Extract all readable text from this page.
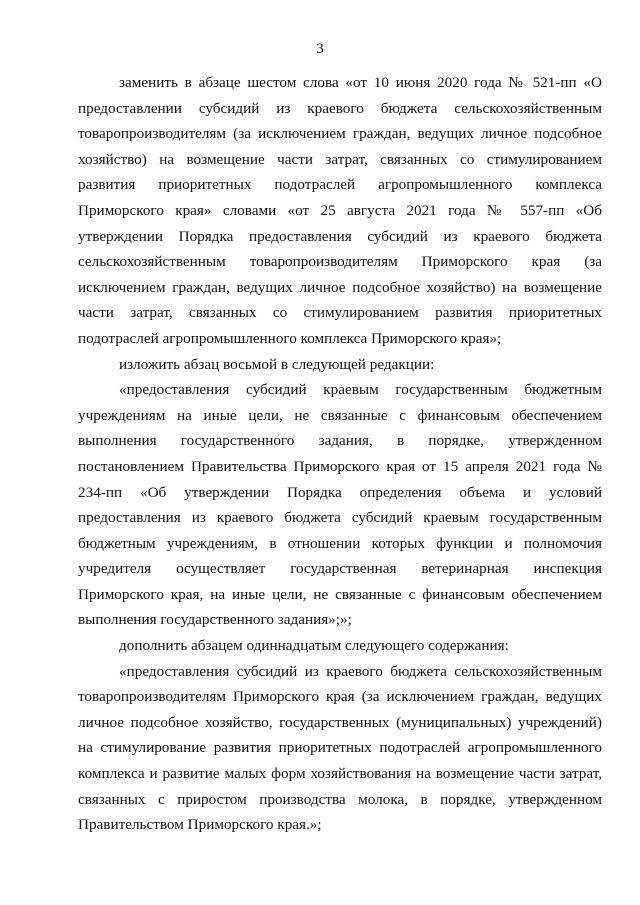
3

заменить в абзаце шестом слова «от 10 июня 2020 года № 521-пп «О предоставлении субсидий из краевого бюджета сельскохозяйственным товаропроизводителям (за исключением граждан, ведущих личное подсобное хозяйство) на возмещение части затрат, связанных со стимулированием развития приоритетных подотраслей агропромышленного комплекса Приморского края» словами «от 25 августа 2021 года № 557-пп «Об утверждении Порядка предоставления субсидий из краевого бюджета сельскохозяйственным товаропроизводителям Приморского края (за исключением граждан, ведущих личное подсобное хозяйство) на возмещение части затрат, связанных со стимулированием развития приоритетных подотраслей агропромышленного комплекса Приморского края»;

изложить абзац восьмой в следующей редакции:

«предоставления субсидий краевым государственным бюджетным учреждениям на иные цели, не связанные с финансовым обеспечением выполнения государственного задания, в порядке, утвержденном постановлением Правительства Приморского края от 15 апреля 2021 года № 234-пп «Об утверждении Порядка определения объема и условий предоставления из краевого бюджета субсидий краевым государственным бюджетным учреждениям, в отношении которых функции и полномочия учредителя осуществляет государственная ветеринарная инспекция Приморского края, на иные цели, не связанные с финансовым обеспечением выполнения государственного задания»;»;

дополнить абзацем одиннадцатым следующего содержания:

«предоставления субсидий из краевого бюджета сельскохозяйственным товаропроизводителям Приморского края (за исключением граждан, ведущих личное подсобное хозяйство, государственных (муниципальных) учреждений) на стимулирование развития приоритетных подотраслей агропромышленного комплекса и развитие малых форм хозяйствования на возмещение части затрат, связанных с приростом производства молока, в порядке, утвержденном Правительством Приморского края.»;
